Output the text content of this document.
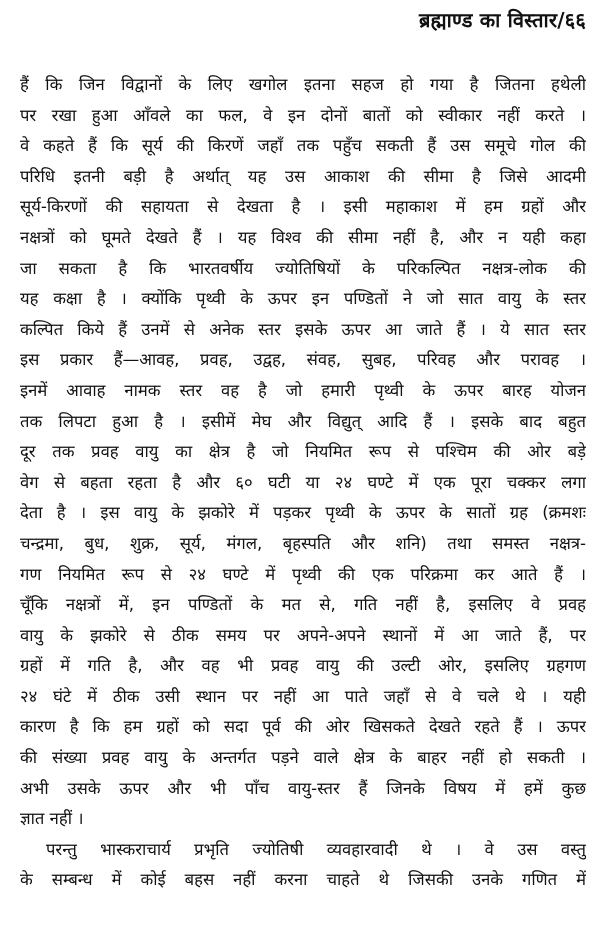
ब्रह्माण्ड का विस्तार/६६
हैं कि जिन विद्वानों के लिए खगोल इतना सहज हो गया है जितना हथेली
पर रखा हुआ आँवले का फल, वे इन दोनों बातों को स्वीकार नहीं करते ।
वे कहते हैं कि सूर्य की किरणें जहाँ तक पहुँच सकती हैं उस समूचे गोल की
परिधि इतनी बड़ी है अर्थात् यह उस आकाश की सीमा है जिसे आदमी
सूर्य-किरणों की सहायता से देखता है । इसी महाकाश में हम ग्रहों और
नक्षत्रों को घूमते देखते हैं । यह विश्व की सीमा नहीं है, और न यही कहा
जा सकता है कि भारतवर्षीय ज्योतिषियों के परिकल्पित नक्षत्र-लोक की
यह कक्षा है । क्योंकि पृथ्वी के ऊपर इन पण्डितों ने जो सात वायु के स्तर
कल्पित किये हैं उनमें से अनेक स्तर इसके ऊपर आ जाते हैं । ये सात स्तर
इस प्रकार हैं—आवह, प्रवह, उद्वह, संवह, सुबह, परिवह और परावह ।
इनमें आवाह नामक स्तर वह है जो हमारी पृथ्वी के ऊपर बारह योजन
तक लिपटा हुआ है । इसीमें मेघ और विद्युत् आदि हैं । इसके बाद बहुत
दूर तक प्रवह वायु का क्षेत्र है जो नियमित रूप से पश्चिम की ओर बड़े
वेग से बहता रहता है और ६० घटी या २४ घण्टे में एक पूरा चक्कर लगा
देता है । इस वायु के झकोरे में पड़कर पृथ्वी के ऊपर के सातों ग्रह (क्रमशः
चन्द्रमा, बुध, शुक्र, सूर्य, मंगल, बृहस्पति और शनि) तथा समस्त नक्षत्र-
गण नियमित रूप से २४ घण्टे में पृथ्वी की एक परिक्रमा कर आते हैं ।
चूँकि नक्षत्रों में, इन पण्डितों के मत से, गति नहीं है, इसलिए वे प्रवह
वायु के झकोरे से ठीक समय पर अपने-अपने स्थानों में आ जाते हैं, पर
ग्रहों में गति है, और वह भी प्रवह वायु की उल्टी ओर, इसलिए ग्रहगण
२४ घंटे में ठीक उसी स्थान पर नहीं आ पाते जहाँ से वे चले थे । यही
कारण है कि हम ग्रहों को सदा पूर्व की ओर खिसकते देखते रहते हैं । ऊपर
की संख्या प्रवह वायु के अन्तर्गत पड़ने वाले क्षेत्र के बाहर नहीं हो सकती ।
अभी उसके ऊपर और भी पाँच वायु-स्तर हैं जिनके विषय में हमें कुछ
ज्ञात नहीं ।
परन्तु भास्कराचार्य प्रभृति ज्योतिषी व्यवहारवादी थे । वे उस वस्तु
के सम्बन्ध में कोई बहस नहीं करना चाहते थे जिसकी उनके गणित में
